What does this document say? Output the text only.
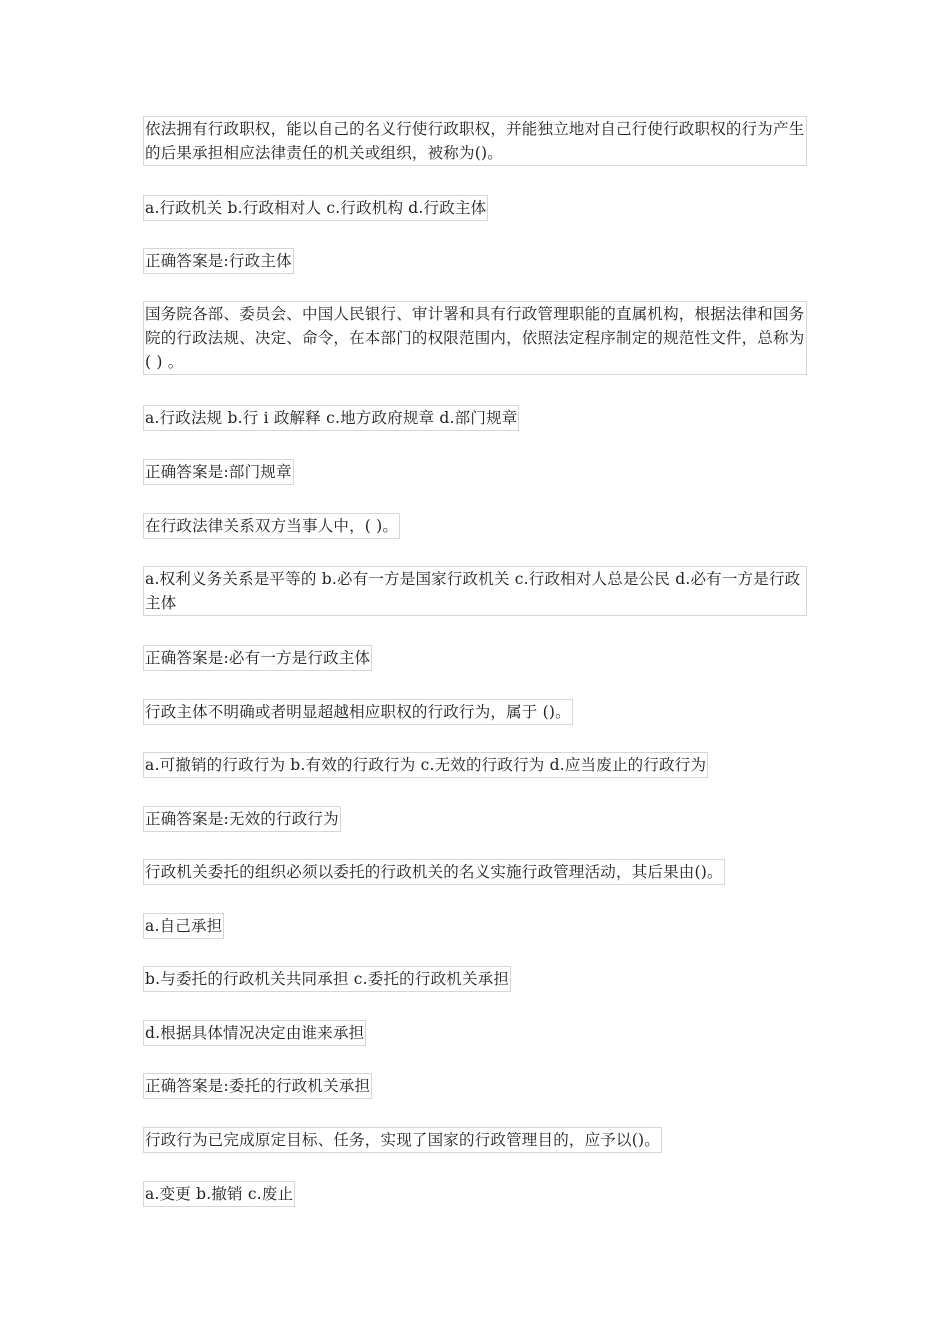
依法拥有行政职权，能以自己的名义行使行政职权，并能独立地对自己行使行政职权的行为产生的后果承担相应法律责任的机关或组织，被称为()。
a.行政机关 b.行政相对人 c.行政机构 d.行政主体
正确答案是:行政主体
国务院各部、委员会、中国人民银行、审计署和具有行政管理职能的直属机构，根据法律和国务院的行政法规、决定、命令，在本部门的权限范围内，依照法定程序制定的规范性文件，总称为( ) 。
a.行政法规 b.行 i 政解释 c.地方政府规章 d.部门规章
正确答案是:部门规章
在行政法律关系双方当事人中，( )。
a.权利义务关系是平等的 b.必有一方是国家行政机关 c.行政相对人总是公民 d.必有一方是行政主体
正确答案是:必有一方是行政主体
行政主体不明确或者明显超越相应职权的行政行为，属于 ()。
a.可撤销的行政行为 b.有效的行政行为 c.无效的行政行为 d.应当废止的行政行为
正确答案是:无效的行政行为
行政机关委托的组织必须以委托的行政机关的名义实施行政管理活动，其后果由()。
a.自己承担
b.与委托的行政机关共同承担 c.委托的行政机关承担
d.根据具体情况决定由谁来承担
正确答案是:委托的行政机关承担
行政行为已完成原定目标、任务，实现了国家的行政管理目的，应予以()。
a.变更 b.撤销 c.废止
